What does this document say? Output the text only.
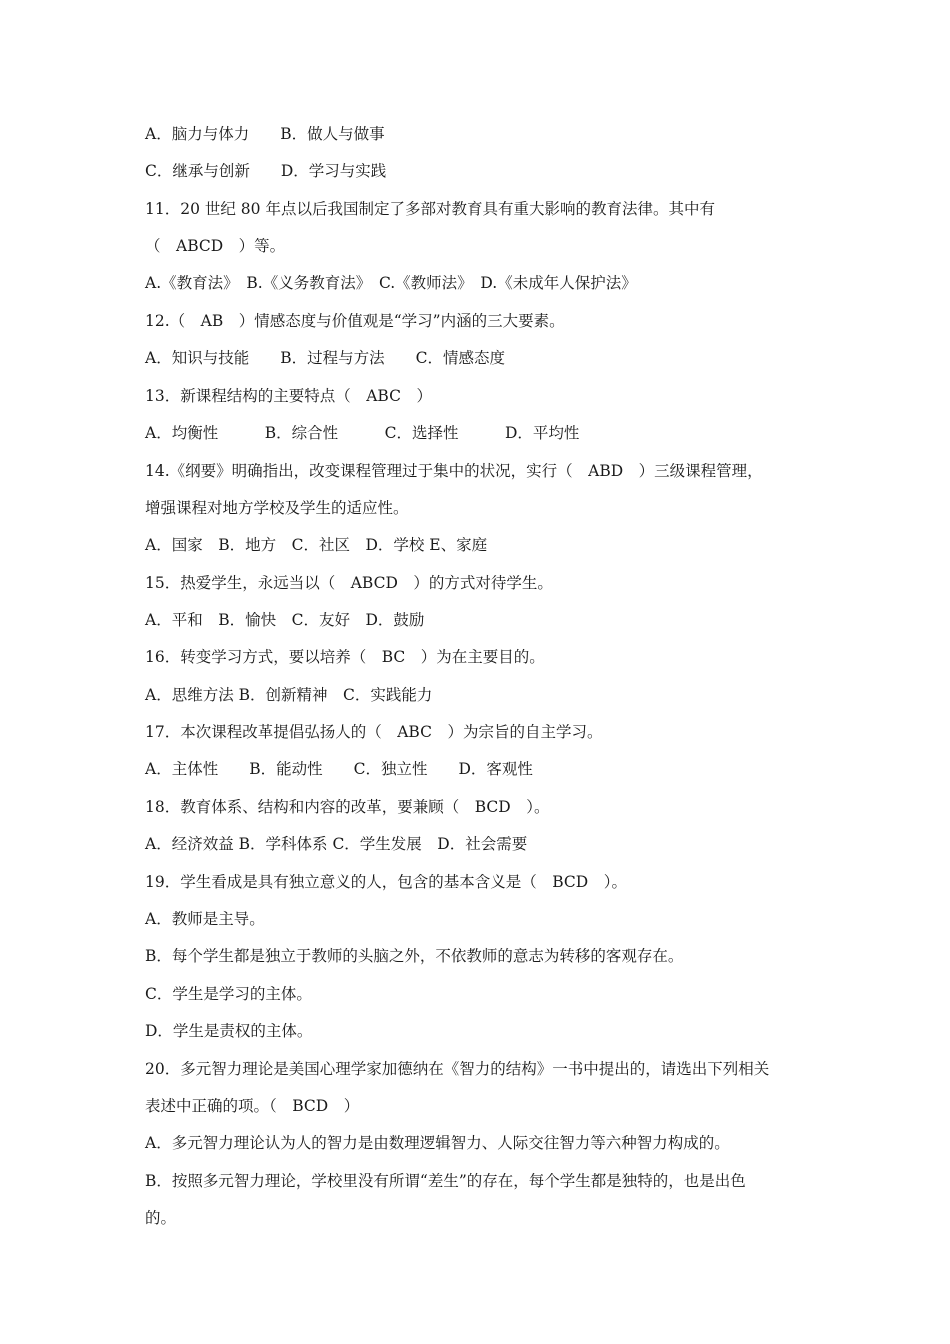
A．脑力与体力　　B．做人与做事
C．继承与创新　　D．学习与实践
11．20 世纪 80 年点以后我国制定了多部对教育具有重大影响的教育法律。其中有
（　ABCD　）等。
A.《教育法》　B.《义务教育法》　C.《教师法》　D.《未成年人保护法》
12.（　AB　）情感态度与价值观是“学习”内涵的三大要素。
A．知识与技能　　B．过程与方法　　C．情感态度
13．新课程结构的主要特点（　ABC　）
A．均衡性　　　B．综合性　　　C．选择性　　　D．平均性
14.《纲要》明确指出，改变课程管理过于集中的状况，实行（　ABD　）三级课程管理，
增强课程对地方学校及学生的适应性。
A．国家　B．地方　C．社区　D．学校 E、家庭
15．热爱学生，永远当以（　ABCD　）的方式对待学生。
A．平和　B．愉快　C．友好　D．鼓励
16．转变学习方式，要以培养（　BC　）为在主要目的。
A．思维方法 B．创新精神　C．实践能力
17．本次课程改革提倡弘扬人的（　ABC　）为宗旨的自主学习。
A．主体性　　B．能动性　　C．独立性　　D．客观性
18．教育体系、结构和内容的改革，要兼顾（　BCD　）。
A．经济效益 B．学科体系 C．学生发展　D．社会需要
19．学生看成是具有独立意义的人，包含的基本含义是（　BCD　）。
A．教师是主导。
B．每个学生都是独立于教师的头脑之外，不依教师的意志为转移的客观存在。
C．学生是学习的主体。
D．学生是责权的主体。
20．多元智力理论是美国心理学家加德纳在《智力的结构》一书中提出的，请选出下列相关
表述中正确的项。（　BCD　）
A．多元智力理论认为人的智力是由数理逻辑智力、人际交往智力等六种智力构成的。
B．按照多元智力理论，学校里没有所谓“差生”的存在，每个学生都是独特的，也是出色
的。
